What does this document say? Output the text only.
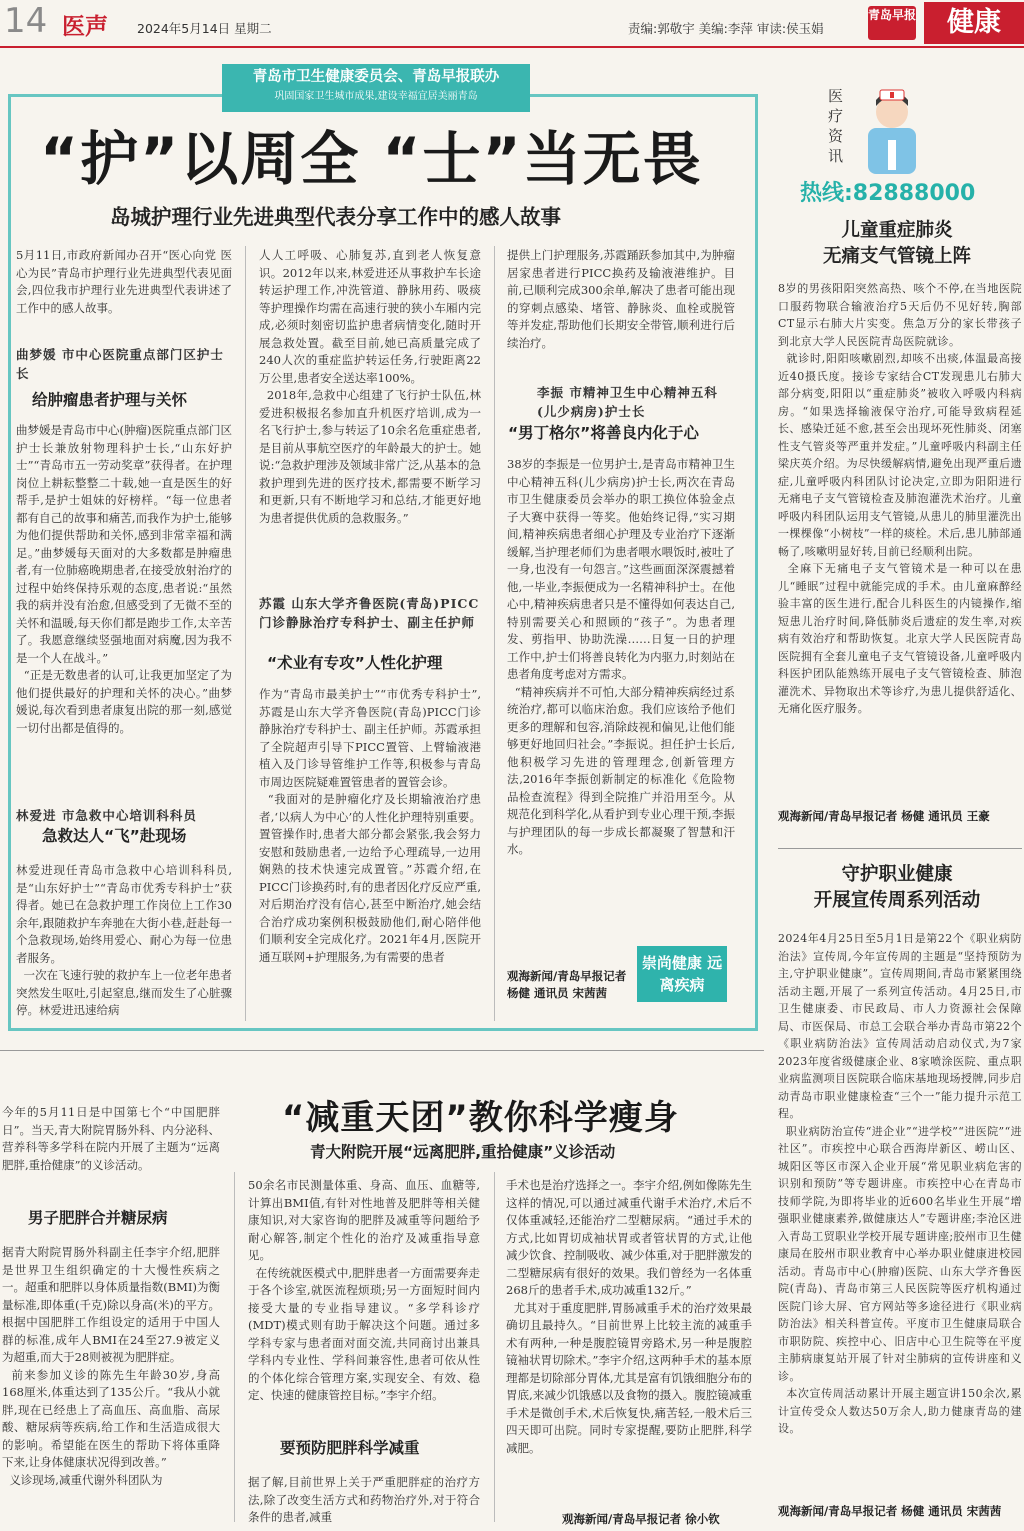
14 医声 2024年5月14日 星期二	责编:郭敬宇 美编:李萍 审读:侯玉娟
青岛早报	健康
青岛市卫生健康委员会、青岛早报联办
巩固国家卫生城市成果,建设幸福宜居美丽青岛
“护”以周全 “士”当无畏
岛城护理行业先进典型代表分享工作中的感人故事
5月11日,市政府新闻办召开“医心向党 医心为民”青岛市护理行业先进典型代表见面会,四位我市护理行业先进典型代表讲述了工作中的感人故事。
曲梦媛 市中心医院重点部门区护士长
给肿瘤患者护理与关怀
曲梦媛是青岛市中心(肿瘤)医院重点部门区护士长兼放射物理科护士长,“山东好护士”“青岛市五一劳动奖章”获得者。在护理岗位上耕耘整整二十载,她一直是医生的好帮手,是护士姐妹的好榜样。“每一位患者都有自己的故事和痛苦,而我作为护士,能够为他们提供帮助和关怀,感到非常幸福和满足。”曲梦媛每天面对的大多数都是肿瘤患者,有一位肺癌晚期患者,在接受放射治疗的过程中始终保持乐观的态度,患者说:“虽然我的病并没有治愈,但感受到了无微不至的关怀和温暖,每天你们都是跑步工作,太辛苦了。我愿意继续竖强地面对病魔,因为我不是一个人在战斗。”
“正是无数患者的认可,让我更加坚定了为他们提供最好的护理和关怀的决心。”曲梦媛说,每次看到患者康复出院的那一刻,感觉一切付出都是值得的。
林爱进 市急救中心培训科科员
急救达人“飞”赴现场
林爱进现任青岛市急救中心培训科科员,是“山东好护士”“青岛市优秀专科护士”获得者。她已在急救护理工作岗位上工作30余年,跟随救护车奔驰在大街小巷,赶赴每一个急救现场,始终用爱心、耐心为每一位患者服务。
一次在飞速行驶的救护车上一位老年患者突然发生呕吐,引起窒息,继而发生了心脏骤停。林爱进迅速给病
人人工呼吸、心肺复苏,直到老人恢复意识。2012年以来,林爱进还从事救护车长途转运护理工作,冲洗管道、静脉用药、吸痰等护理操作均需在高速行驶的狭小车厢内完成,必须时刻密切监护患者病情变化,随时开展急救处置。截至目前,她已高质量完成了240人次的重症监护转运任务,行驶距离22万公里,患者安全送达率100%。
2018年,急救中心组建了飞行护士队伍,林爱进积极报名参加直升机医疗培训,成为一名飞行护士,参与转运了10余名危重症患者,是目前从事航空医疗的年龄最大的护士。她说:“急救护理涉及领域非常广泛,从基本的急救护理到先进的医疗技术,都需要不断学习和更新,只有不断地学习和总结,才能更好地为患者提供优质的急救服务。”
苏霞 山东大学齐鲁医院(青岛)PICC门诊静脉治疗专科护士、副主任护师
“术业有专攻”人性化护理
作为“青岛市最美护士”“市优秀专科护士”,苏霞是山东大学齐鲁医院(青岛)PICC门诊静脉治疗专科护士、副主任护师。苏霞承担了全院超声引导下PICC置管、上臂输液港植入及门诊导管维护工作等,积极参与青岛市周边医院疑难置管患者的置管会诊。
“我面对的是肿瘤化疗及长期输液治疗患者,‘以病人为中心’的人性化护理特别重要。置管操作时,患者大部分都会紧张,我会努力安慰和鼓励患者,一边给予心理疏导,一边用娴熟的技术快速完成置管。”苏霞介绍,在PICC门诊换药时,有的患者因化疗反应严重,对后期治疗没有信心,甚至中断治疗,她会结合治疗成功案例积极鼓励他们,耐心陪伴他们顺利安全完成化疗。2021年4月,医院开通互联网+护理服务,为有需要的患者
提供上门护理服务,苏霞踊跃参加其中,为肿瘤居家患者进行PICC换药及输液港维护。目前,已顺利完成300余单,解决了患者可能出现的穿刺点感染、堵管、静脉炎、血栓或脱管等并发症,帮助他们长期安全带管,顺利进行后续治疗。
李振 市精神卫生中心精神五科(儿少病房)护士长
“男丁格尔”将善良内化于心
38岁的李振是一位男护士,是青岛市精神卫生中心精神五科(儿少病房)护士长,两次在青岛市卫生健康委员会举办的职工换位体验金点子大赛中获得一等奖。他始终记得,“实习期间,精神疾病患者细心护理及专业治疗下逐渐缓解,当护理老师们为患者喂水喂饭时,被吐了一身,也没有一句怨言。”这些画面深深震撼着他,一毕业,李振便成为一名精神科护士。在他心中,精神疾病患者只是不懂得如何表达自己,特别需要关心和照顾的“孩子”。为患者理发、剪指甲、协助洗澡……日复一日的护理工作中,护士们将善良转化为内驱力,时刻站在患者角度考虑对方需求。
“精神疾病并不可怕,大部分精神疾病经过系统治疗,都可以临床治愈。我们应该给予他们更多的理解和包容,消除歧视和偏见,让他们能够更好地回归社会。”李振说。担任护士长后,他积极学习先进的管理理念,创新管理方法,2016年李振创新制定的标准化《危险物品检查流程》得到全院推广并沿用至今。从规范化到科学化,从看护到专业心理干预,李振与护理团队的每一步成长都凝聚了智慧和汗水。
观海新闻/青岛早报记者 杨健 通讯员 宋茜茜
崇尚健康 远离疾病
医疗资讯
热线:82888000
儿童重症肺炎
无痛支气管镜上阵
8岁的男孩阳阳突然高热、咳个不停,在当地医院口服药物联合输液治疗5天后仍不见好转,胸部CT显示右肺大片实变。焦急万分的家长带孩子到北京大学人民医院青岛医院就诊。
就诊时,阳阳咳嗽剧烈,却咳不出痰,体温最高接近40摄氏度。接诊专家结合CT发现患儿右肺大部分病变,阳阳以“重症肺炎”被收入呼吸内科病房。“如果选择输液保守治疗,可能导致病程延长、感染迁延不愈,甚至会出现坏死性肺炎、闭塞性支气管炎等严重并发症。”儿童呼吸内科副主任梁庆英介绍。为尽快缓解病情,避免出现严重后遗症,儿童呼吸内科团队讨论决定,立即为阳阳进行无痛电子支气管镜检查及肺泡灌洗术治疗。儿童呼吸内科团队运用支气管镜,从患儿的肺里灌洗出一棵棵像“小树枝”一样的痰栓。术后,患儿肺部通畅了,咳嗽明显好转,目前已经顺利出院。
全麻下无痛电子支气管镜术是一种可以在患儿“睡眠”过程中就能完成的手术。由儿童麻醉经验丰富的医生进行,配合儿科医生的内镜操作,缩短患儿治疗时间,降低肺炎后遗症的发生率,对疾病有效治疗和帮助恢复。北京大学人民医院青岛医院拥有全套儿童电子支气管镜设备,儿童呼吸内科医护团队能熟练开展电子支气管镜检查、肺泡灌洗术、异物取出术等诊疗,为患儿提供舒适化、无痛化医疗服务。
观海新闻/青岛早报记者 杨健 通讯员 王豪
守护职业健康
开展宣传周系列活动
2024年4月25日至5月1日是第22个《职业病防治法》宣传周,今年宣传周的主题是“坚持预防为主,守护职业健康”。宣传周期间,青岛市紧紧围绕活动主题,开展了一系列宣传活动。4月25日,市卫生健康委、市民政局、市人力资源社会保障局、市医保局、市总工会联合举办青岛市第22个《职业病防治法》宣传周活动启动仪式,为7家2023年度省级健康企业、8家喷涂医院、重点职业病监测项目医院联合临床基地现场授牌,同步启动青岛市职业健康检查“三个一”能力提升示范工程。
职业病防治宣传“进企业”“进学校”“进医院”“进社区”。市疾控中心联合西海岸新区、崂山区、城阳区等区市深入企业开展“常见职业病危害的识别和预防”等专题讲座。市疾控中心在青岛市技师学院,为即将毕业的近600名毕业生开展“增强职业健康素养,做健康达人”专题讲座;李沧区进入青岛工贸职业学校开展专题讲座;胶州市卫生健康局在胶州市职业教育中心举办职业健康进校园活动。青岛市中心(肿瘤)医院、山东大学齐鲁医院(青岛)、青岛市第三人民医院等医疗机构通过医院门诊大屏、官方网站等多途径进行《职业病防治法》相关科普宣传。平度市卫生健康局联合市职防院、疾控中心、旧店中心卫生院等在平度主肺病康复站开展了针对尘肺病的宣传讲座和义诊。
本次宣传周活动累计开展主题宣讲150余次,累计宣传受众人数达50万余人,助力健康青岛的建设。
观海新闻/青岛早报记者 杨健 通讯员 宋茜茜
“减重天团”教你科学瘦身
青大附院开展“远离肥胖,重拾健康”义诊活动
今年的5月11日是中国第七个“中国肥胖日”。当天,青大附院胃肠外科、内分泌科、营养科等多学科在院内开展了主题为“远离肥胖,重拾健康”的义诊活动。
男子肥胖合并糖尿病
据青大附院胃肠外科副主任李宇介绍,肥胖是世界卫生组织确定的十大慢性疾病之一。超重和肥胖以身体质量指数(BMI)为衡量标准,即体重(千克)除以身高(米)的平方。根据中国肥胖工作组设定的适用于中国人群的标准,成年人BMI在24至27.9被定义为超重,而大于28则被视为肥胖症。
前来参加义诊的陈先生年龄30岁,身高168厘米,体重达到了135公斤。“我从小就胖,现在已经患上了高血压、高血脂、高尿酸、糖尿病等疾病,给工作和生活造成很大的影响。希望能在医生的帮助下将体重降下来,让身体健康状况得到改善。”
义诊现场,减重代谢外科团队为
50余名市民测量体重、身高、血压、血糖等,计算出BMI值,有针对性地普及肥胖等相关健康知识,对大家咨询的肥胖及减重等问题给予耐心解答,制定个性化的治疗及减重指导意见。
在传统就医模式中,肥胖患者一方面需要奔走于各个诊室,就医流程烦琐;另一方面短时间内接受大量的专业指导建议。“多学科诊疗(MDT)模式则有助于解决这个问题。通过多学科专家与患者面对面交流,共同商讨出兼具学科内专业性、学科间兼容性,患者可依从性的个体化综合管理方案,实现安全、有效、稳定、快速的健康管控目标。”李宇介绍。
要预防肥胖科学减重
据了解,目前世界上关于严重肥胖症的治疗方法,除了改变生活方式和药物治疗外,对于符合条件的患者,减重
手术也是治疗选择之一。李宇介绍,例如像陈先生这样的情况,可以通过减重代谢手术治疗,术后不仅体重减轻,还能治疗二型糖尿病。“通过手术的方式,比如胃切成袖状胃或者管状胃的方式,让他减少饮食、控制吸收、减少体重,对于肥胖激发的二型糖尿病有很好的效果。我们曾经为一名体重268斤的患者手术,成功减重132斤。”
尤其对于重度肥胖,胃肠减重手术的治疗效果最确切且最持久。“目前世界上比较主流的减重手术有两种,一种是腹腔镜胃旁路术,另一种是腹腔镜袖状胃切除术。”李宇介绍,这两种手术的基本原理都是切除部分胃体,尤其是富有饥饿细胞分布的胃底,来减少饥饿感以及食物的摄入。腹腔镜减重手术是微创手术,术后恢复快,痛苦轻,一般术后三四天即可出院。同时专家提醒,要防止肥胖,科学减肥。
观海新闻/青岛早报记者 徐小钦
